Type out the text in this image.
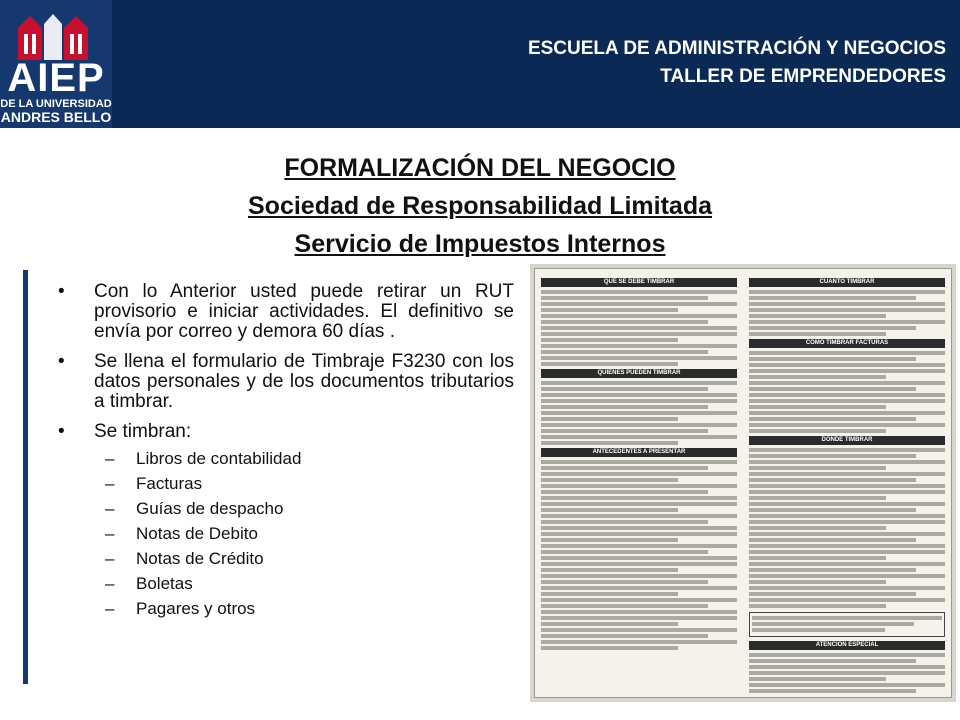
AIEP
DE LA UNIVERSIDAD
ANDRES BELLO
ESCUELA DE ADMINISTRACIÓN Y NEGOCIOS
TALLER DE EMPRENDEDORES
FORMALIZACIÓN DEL NEGOCIO
Sociedad de Responsabilidad Limitada
Servicio de Impuestos Internos
• Con lo Anterior usted puede retirar un RUT provisorio e iniciar actividades. El definitivo se envía por correo y demora 60 días .
• Se llena el formulario de Timbraje F3230 con los datos personales y de los documentos tributarios a timbrar.
• Se timbran:
– Libros de contabilidad
– Facturas
– Guías de despacho
– Notas de Debito
– Notas de Crédito
– Boletas
– Pagares y otros
QUE SE DEBE TIMBRAR
QUIENES PUEDEN TIMBRAR
ANTECEDENTES A PRESENTAR
CUANTO TIMBRAR
COMO TIMBRAR FACTURAS
DONDE TIMBRAR
ATENCION ESPECIAL
